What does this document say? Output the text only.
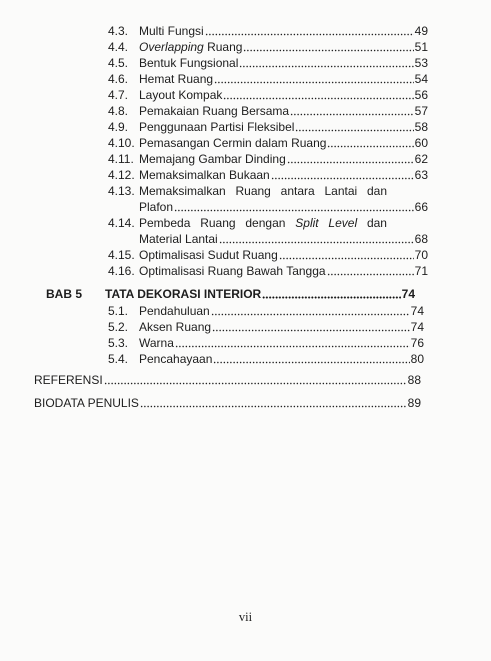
4.3. Multi Fungsi	49
4.4. Overlapping Ruang	51
4.5. Bentuk Fungsional	53
4.6. Hemat Ruang	54
4.7. Layout Kompak	56
4.8. Pemakaian Ruang Bersama	57
4.9. Penggunaan Partisi Fleksibel	58
4.10. Pemasangan Cermin dalam Ruang	60
4.11. Memajang Gambar Dinding	62
4.12. Memaksimalkan Bukaan	63
4.13. Memaksimalkan Ruang antara Lantai dan
Plafon	66
4.14. Pembeda Ruang dengan Split Level dan
Material Lantai	68
4.15. Optimalisasi Sudut Ruang	70
4.16. Optimalisasi Ruang Bawah Tangga	71
BAB 5	TATA DEKORASI INTERIOR	74
5.1. Pendahuluan	74
5.2. Aksen Ruang	74
5.3. Warna	76
5.4. Pencahayaan	80
REFERENSI	88
BIODATA PENULIS	89
vii
